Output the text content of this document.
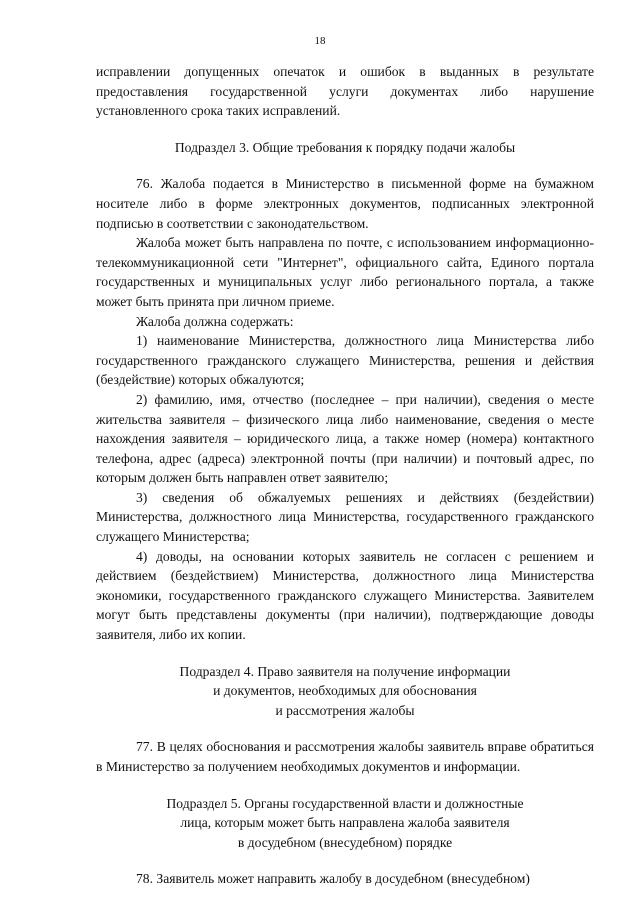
18

исправлении допущенных опечаток и ошибок в выданных в результате предоставления государственной услуги документах либо нарушение установленного срока таких исправлений.

Подраздел 3. Общие требования к порядку подачи жалобы

76. Жалоба подается в Министерство в письменной форме на бумажном носителе либо в форме электронных документов, подписанных электронной подписью в соответствии с законодательством.

Жалоба может быть направлена по почте, с использованием информационно-телекоммуникационной сети "Интернет", официального сайта, Единого портала государственных и муниципальных услуг либо регионального портала, а также может быть принята при личном приеме.

Жалоба должна содержать:

1) наименование Министерства, должностного лица Министерства либо государственного гражданского служащего Министерства, решения и действия (бездействие) которых обжалуются;

2) фамилию, имя, отчество (последнее – при наличии), сведения о месте жительства заявителя – физического лица либо наименование, сведения о месте нахождения заявителя – юридического лица, а также номер (номера) контактного телефона, адрес (адреса) электронной почты (при наличии) и почтовый адрес, по которым должен быть направлен ответ заявителю;

3) сведения об обжалуемых решениях и действиях (бездействии) Министерства, должностного лица Министерства, государственного гражданского служащего Министерства;

4) доводы, на основании которых заявитель не согласен с решением и действием (бездействием) Министерства, должностного лица Министерства экономики, государственного гражданского служащего Министерства. Заявителем могут быть представлены документы (при наличии), подтверждающие доводы заявителя, либо их копии.

Подраздел 4. Право заявителя на получение информации

и документов, необходимых для обоснования

и рассмотрения жалобы

77. В целях обоснования и рассмотрения жалобы заявитель вправе обратиться в Министерство за получением необходимых документов и информации.

Подраздел 5. Органы государственной власти и должностные

лица, которым может быть направлена жалоба заявителя

в досудебном (внесудебном) порядке

78. Заявитель может направить жалобу в досудебном (внесудебном)
